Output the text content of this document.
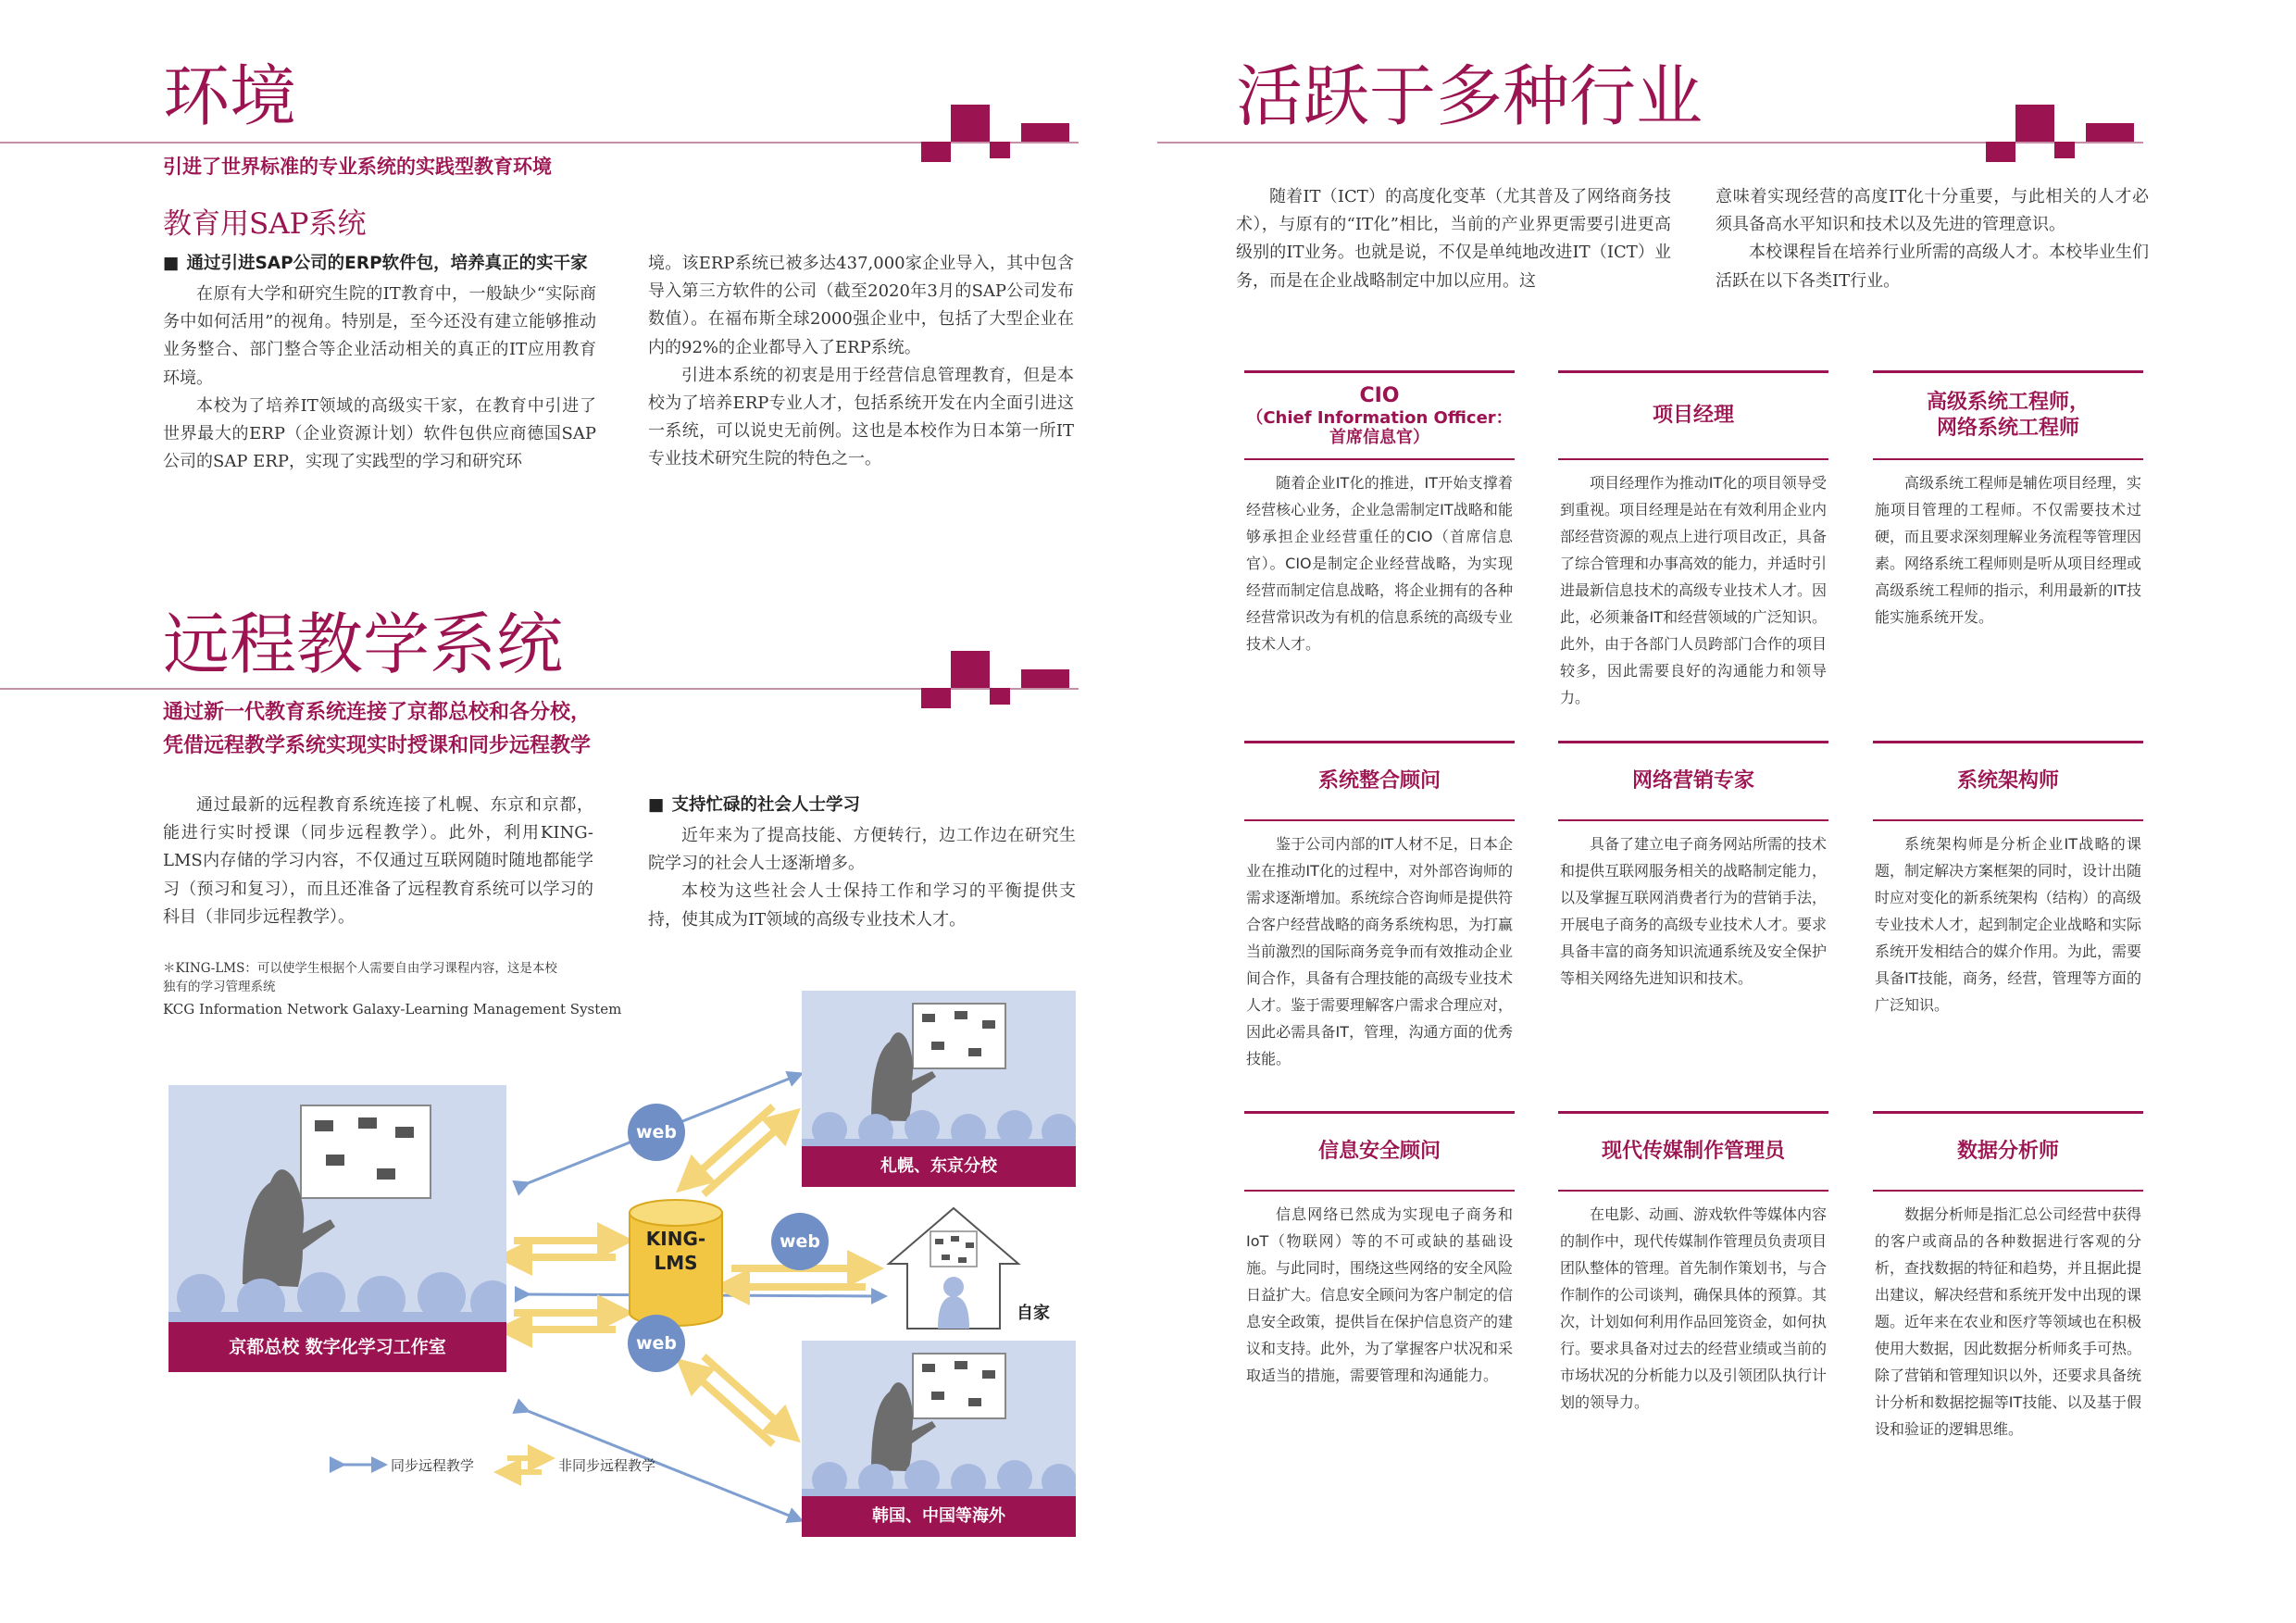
环境
引进了世界标准的专业系统的实践型教育环境
教育用SAP系统
■ 通过引进SAP公司的ERP软件包，培养真正的实干家

在原有大学和研究生院的IT教育中，一般缺少“实际商务中如何活用”的视角。特别是，至今还没有建立能够推动业务整合、部门整合等企业活动相关的真正的IT应用教育环境。

本校为了培养IT领域的高级实干家，在教育中引进了世界最大的ERP（企业资源计划）软件包供应商德国SAP公司的SAP ERP，实现了实践型的学习和研究环

境。该ERP系统已被多达437,000家企业导入，其中包含导入第三方软件的公司（截至2020年3月的SAP公司发布数值）。在福布斯全球2000强企业中，包括了大型企业在内的92%的企业都导入了ERP系统。

引进本系统的初衷是用于经营信息管理教育，但是本校为了培养ERP专业人才，包括系统开发在内全面引进这一系统，可以说史无前例。这也是本校作为日本第一所IT专业技术研究生院的特色之一。

远程教学系统
通过新一代教育系统连接了京都总校和各分校，
凭借远程教学系统实现实时授课和同步远程教学

通过最新的远程教育系统连接了札幌、东京和京都，能进行实时授课（同步远程教学）。此外，利用KING-LMS内存储的学习内容，不仅通过互联网随时随地都能学习（预习和复习），而且还准备了远程教育系统可以学习的科目（非同步远程教学）。

＊KING-LMS：可以使学生根据个人需要自由学习课程内容，这是本校
独有的学习管理系统
KCG Information Network Galaxy-Learning Management System
■ 支持忙碌的社会人士学习

近年来为了提高技能、方便转行，边工作边在研究生院学习的社会人士逐渐增多。

本校为这些社会人士保持工作和学习的平衡提供支持，使其成为IT领域的高级专业技术人才。

京都总校 数字化学习工作室
札幌、东京分校
韩国、中国等海外
自家
KING-
LMS
web
web
web
同步远程教学	非同步远程教学
活跃于多种行业

随着IT（ICT）的高度化变革（尤其普及了网络商务技术），与原有的“IT化”相比，当前的产业界更需要引进更高级别的IT业务。也就是说，不仅是单纯地改进IT（ICT）业务，而是在企业战略制定中加以应用。这

意味着实现经营的高度IT化十分重要，与此相关的人才必须具备高水平知识和技术以及先进的管理意识。

本校课程旨在培养行业所需的高级人才。本校毕业生们活跃在以下各类IT行业。

CIO
（Chief Information Officer：
首席信息官）
随着企业IT化的推进，IT开始支撑着经营核心业务，企业急需制定IT战略和能够承担企业经营重任的CIO（首席信息官）。CIO是制定企业经营战略，为实现经营而制定信息战略，将企业拥有的各种经营常识改为有机的信息系统的高级专业技术人才。
项目经理
项目经理作为推动IT化的项目领导受到重视。项目经理是站在有效利用企业内部经营资源的观点上进行项目改正，具备了综合管理和办事高效的能力，并适时引进最新信息技术的高级专业技术人才。因此，必须兼备IT和经营领域的广泛知识。此外，由于各部门人员跨部门合作的项目较多，因此需要良好的沟通能力和领导力。
高级系统工程师，
网络系统工程师
高级系统工程师是辅佐项目经理，实施项目管理的工程师。不仅需要技术过硬，而且要求深刻理解业务流程等管理因素。网络系统工程师则是听从项目经理或高级系统工程师的指示，利用最新的IT技能实施系统开发。
系统整合顾问
鉴于公司内部的IT人材不足，日本企业在推动IT化的过程中，对外部咨询师的需求逐渐增加。系统综合咨询师是提供符合客户经营战略的商务系统构思，为打赢当前激烈的国际商务竞争而有效推动企业间合作，具备有合理技能的高级专业技术人才。鉴于需要理解客户需求合理应对，因此必需具备IT，管理，沟通方面的优秀技能。
网络营销专家
具备了建立电子商务网站所需的技术和提供互联网服务相关的战略制定能力，以及掌握互联网消费者行为的营销手法，开展电子商务的高级专业技术人才。要求具备丰富的商务知识流通系统及安全保护等相关网络先进知识和技术。
系统架构师
系统架构师是分析企业IT战略的课题，制定解决方案框架的同时，设计出随时应对变化的新系统架构（结构）的高级专业技术人才，起到制定企业战略和实际系统开发相结合的媒介作用。为此，需要具备IT技能，商务，经营，管理等方面的广泛知识。
信息安全顾问
信息网络已然成为实现电子商务和IoT（物联网）等的不可或缺的基础设施。与此同时，围绕这些网络的安全风险日益扩大。信息安全顾问为客户制定的信息安全政策，提供旨在保护信息资产的建议和支持。此外，为了掌握客户状况和采取适当的措施，需要管理和沟通能力。
现代传媒制作管理员
在电影、动画、游戏软件等媒体内容的制作中，现代传媒制作管理员负责项目团队整体的管理。首先制作策划书，与合作制作的公司谈判，确保具体的预算。其次，计划如何利用作品回笼资金，如何执行。要求具备对过去的经营业绩或当前的市场状况的分析能力以及引领团队执行计划的领导力。
数据分析师
数据分析师是指汇总公司经营中获得的客户或商品的各种数据进行客观的分析，查找数据的特征和趋势，并且据此提出建议，解决经营和系统开发中出现的课题。近年来在农业和医疗等领域也在积极使用大数据，因此数据分析师炙手可热。除了营销和管理知识以外，还要求具备统计分析和数据挖掘等IT技能、以及基于假设和验证的逻辑思维。
